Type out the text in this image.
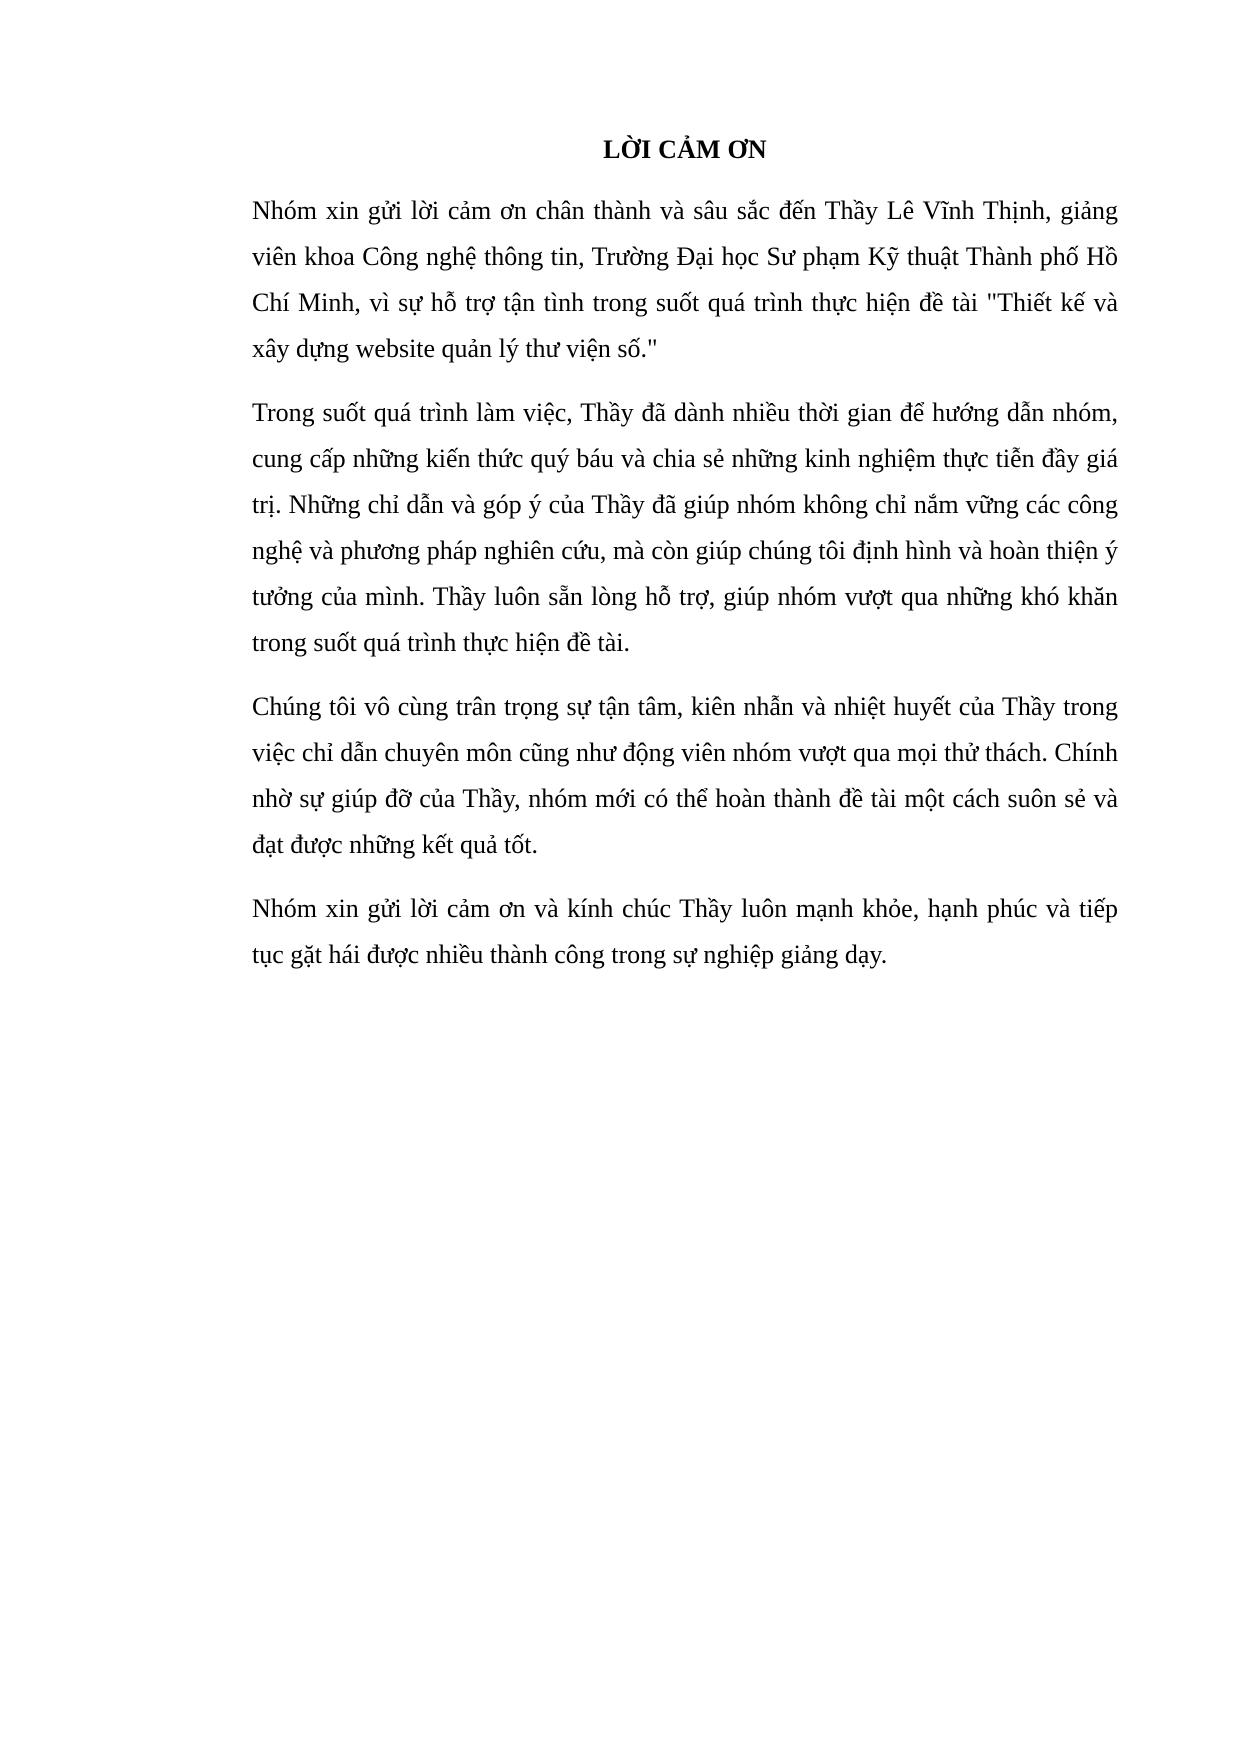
LỜI CẢM ƠN

Nhóm xin gửi lời cảm ơn chân thành và sâu sắc đến Thầy Lê Vĩnh Thịnh, giảng viên khoa Công nghệ thông tin, Trường Đại học Sư phạm Kỹ thuật Thành phố Hồ Chí Minh, vì sự hỗ trợ tận tình trong suốt quá trình thực hiện đề tài "Thiết kế và xây dựng website quản lý thư viện số."

Trong suốt quá trình làm việc, Thầy đã dành nhiều thời gian để hướng dẫn nhóm, cung cấp những kiến thức quý báu và chia sẻ những kinh nghiệm thực tiễn đầy giá trị. Những chỉ dẫn và góp ý của Thầy đã giúp nhóm không chỉ nắm vững các công nghệ và phương pháp nghiên cứu, mà còn giúp chúng tôi định hình và hoàn thiện ý tưởng của mình. Thầy luôn sẵn lòng hỗ trợ, giúp nhóm vượt qua những khó khăn trong suốt quá trình thực hiện đề tài.

Chúng tôi vô cùng trân trọng sự tận tâm, kiên nhẫn và nhiệt huyết của Thầy trong việc chỉ dẫn chuyên môn cũng như động viên nhóm vượt qua mọi thử thách. Chính nhờ sự giúp đỡ của Thầy, nhóm mới có thể hoàn thành đề tài một cách suôn sẻ và đạt được những kết quả tốt.

Nhóm xin gửi lời cảm ơn và kính chúc Thầy luôn mạnh khỏe, hạnh phúc và tiếp tục gặt hái được nhiều thành công trong sự nghiệp giảng dạy.
